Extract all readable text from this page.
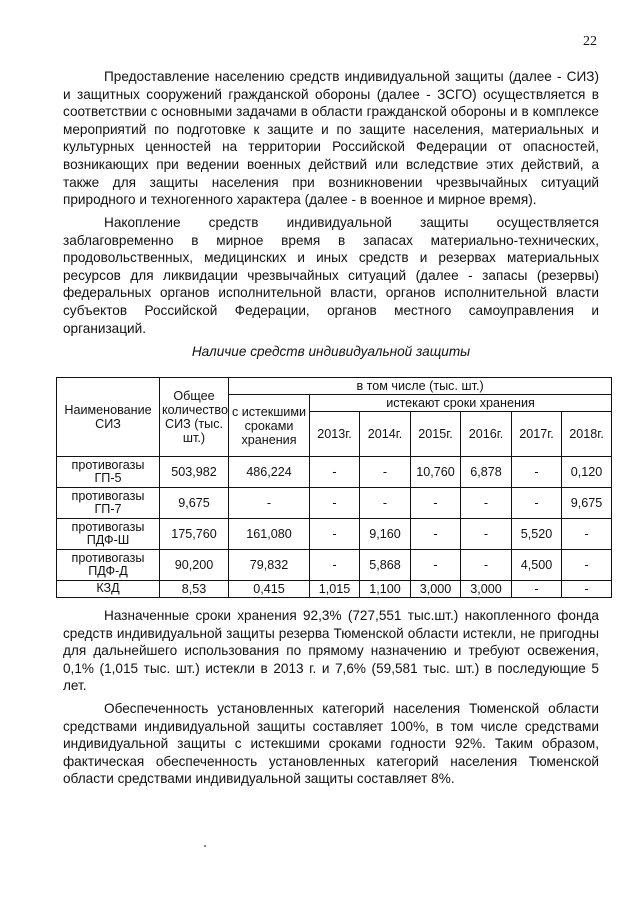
22

Предоставление населению средств индивидуальной защиты (далее - СИЗ) и защитных сооружений гражданской обороны (далее - ЗСГО) осуществляется в соответствии с основными задачами в области гражданской обороны и в комплексе мероприятий по подготовке к защите и по защите населения, материальных и культурных ценностей на территории Российской Федерации от опасностей, возникающих при ведении военных действий или вследствие этих действий, а также для защиты населения при возникновении чрезвычайных ситуаций природного и техногенного характера (далее - в военное и мирное время).

Накопление средств индивидуальной защиты осуществляется заблаговременно в мирное время в запасах материально-технических, продовольственных, медицинских и иных средств и резервах материальных ресурсов для ликвидации чрезвычайных ситуаций (далее - запасы (резервы) федеральных органов исполнительной власти, органов исполнительной власти субъектов Российской Федерации, органов местного самоуправления и организаций.

Наличие средств индивидуальной защиты

Наименование СИЗ	Общее количество СИЗ (тыс. шт.)	в том числе (тыс. шт.)						
		с истекшими сроками хранения	истекают сроки хранения					
			2013г.	2014г.	2015г.	2016г.	2017г.	2018г.
противогазы ГП-5	503,982	486,224	-	-	10,760	6,878	-	0,120
противогазы ГП-7	9,675	-	-	-	-	-	-	9,675
противогазы ПДФ-Ш	175,760	161,080	-	9,160	-	-	5,520	-
противогазы ПДФ-Д	90,200	79,832	-	5,868	-	-	4,500	-
КЗД	8,53	0,415	1,015	1,100	3,000	3,000	-	-

Назначенные сроки хранения 92,3% (727,551 тыс.шт.) накопленного фонда средств индивидуальной защиты резерва Тюменской области истекли, не пригодны для дальнейшего использования по прямому назначению и требуют освежения, 0,1% (1,015 тыс. шт.) истекли в 2013 г. и 7,6% (59,581 тыс. шт.) в последующие 5 лет.

Обеспеченность установленных категорий населения Тюменской области средствами индивидуальной защиты составляет 100%, в том числе средствами индивидуальной защиты с истекшими сроками годности 92%. Таким образом, фактическая обеспеченность установленных категорий населения Тюменской области средствами индивидуальной защиты составляет 8%.
